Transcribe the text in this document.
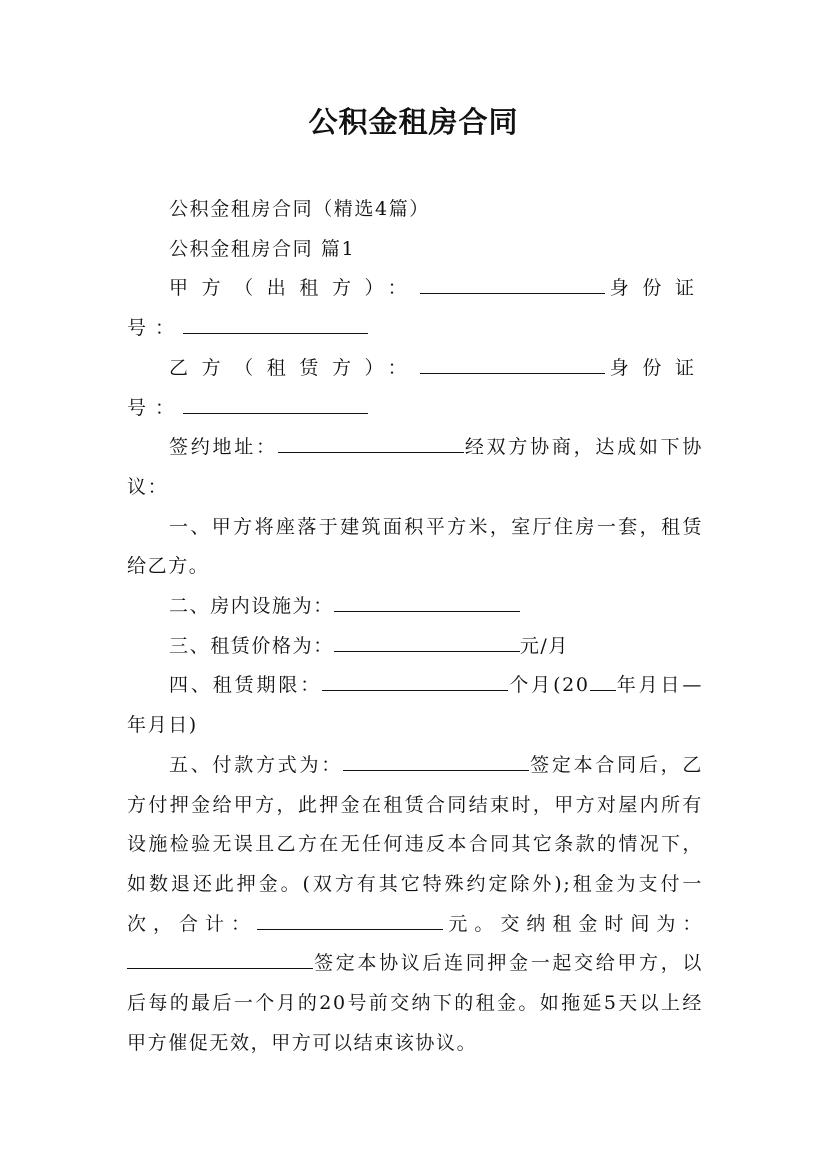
公积金租房合同

公积金租房合同（精选4篇）

公积金租房合同 篇1

甲方（出租方）：	身份证号：

乙方（租赁方）：	身份证号：

签约地址：	经双方协商，达成如下协议：

一、甲方将座落于建筑面积平方米，室厅住房一套，租赁给乙方。

二、房内设施为：

三、租赁价格为：	元/月

四、租赁期限：	个月(20 年月日—年月日)

五、付款方式为：	签定本合同后，乙方付押金给甲方，此押金在租赁合同结束时，甲方对屋内所有设施检验无误且乙方在无任何违反本合同其它条款的情况下，如数退还此押金。(双方有其它特殊约定除外);租金为支付一次，合计：	元。交纳租金时间为：签定本协议后连同押金一起交给甲方，以后每的最后一个月的20号前交纳下的租金。如拖延5天以上经甲方催促无效，甲方可以结束该协议。
